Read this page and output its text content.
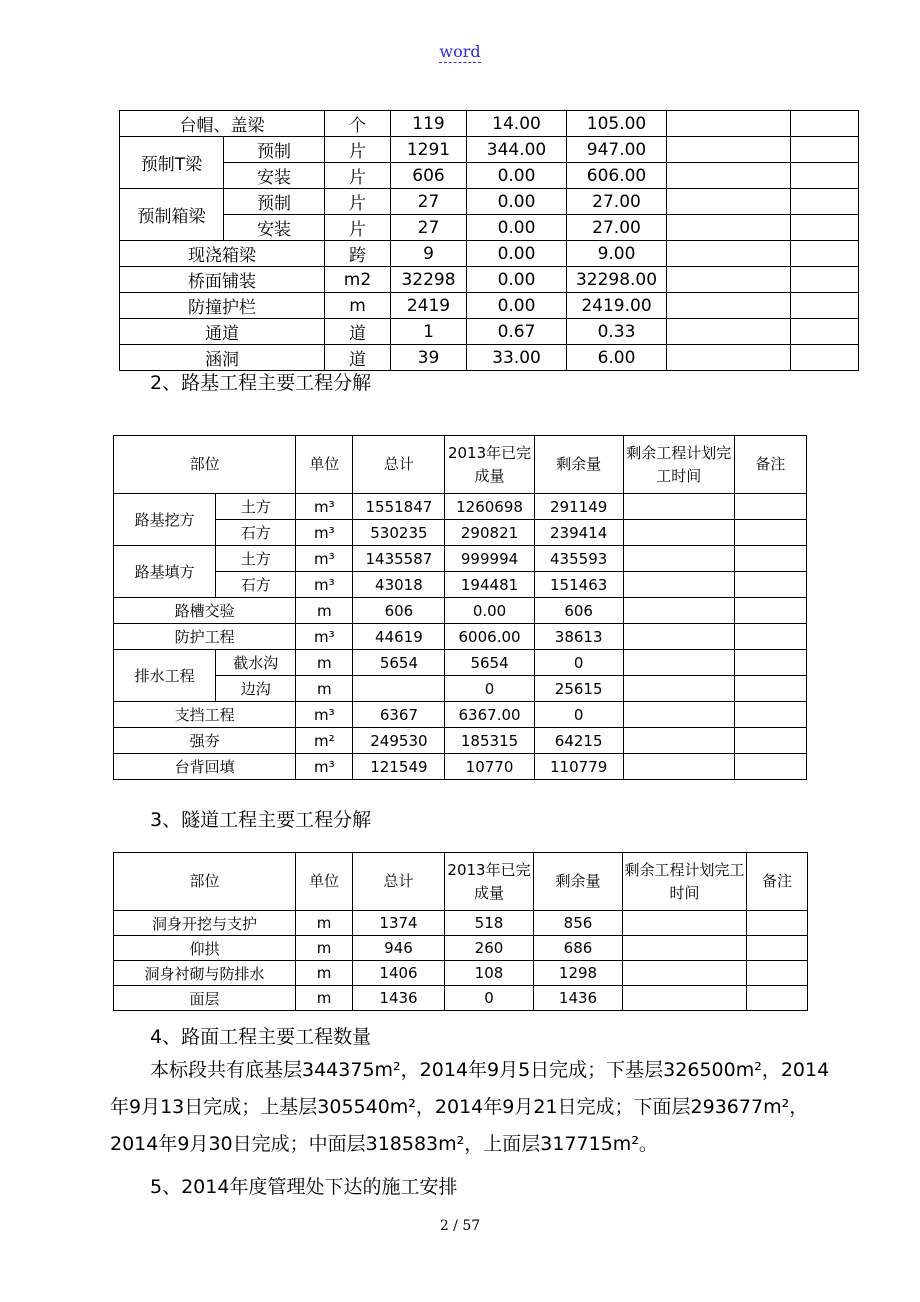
word
台帽、盖梁		个	119	14.00	105.00		
预制T梁	预制	片	1291	344.00	947.00		
	安装	片	606	0.00	606.00		
预制箱梁	预制	片	27	0.00	27.00		
	安装	片	27	0.00	27.00		
现浇箱梁		跨	9	0.00	9.00		
桥面铺装		m2	32298	0.00	32298.00		
防撞护栏		m	2419	0.00	2419.00		
通道		道	1	0.67	0.33		
涵洞		道	39	33.00	6.00		
2、路基工程主要工程分解
部位		单位	总计	2013年已完成量	剩余量	剩余工程计划完工时间	备注
路基挖方	土方	m³	1551847	1260698	291149		
	石方	m³	530235	290821	239414		
路基填方	土方	m³	1435587	999994	435593		
	石方	m³	43018	194481	151463		
路槽交验		m	606	0.00	606		
防护工程		m³	44619	6006.00	38613		
排水工程	截水沟	m	5654	5654	0		
	边沟	m		0	25615		
支挡工程		m³	6367	6367.00	0		
强夯		m²	249530	185315	64215		
台背回填		m³	121549	10770	110779		
3、隧道工程主要工程分解
部位	单位	总计	2013年已完成量	剩余量	剩余工程计划完工时间	备注
洞身开挖与支护	m	1374	518	856		
仰拱	m	946	260	686		
洞身衬砌与防排水	m	1406	108	1298		
面层	m	1436	0	1436		
4、路面工程主要工程数量
本标段共有底基层344375m²，2014年9月5日完成；下基层326500m²，2014年9月13日完成；上基层305540m²，2014年9月21日完成；下面层293677m²，2014年9月30日完成；中面层318583m²，上面层317715m²。
5、2014年度管理处下达的施工安排
2 / 57
